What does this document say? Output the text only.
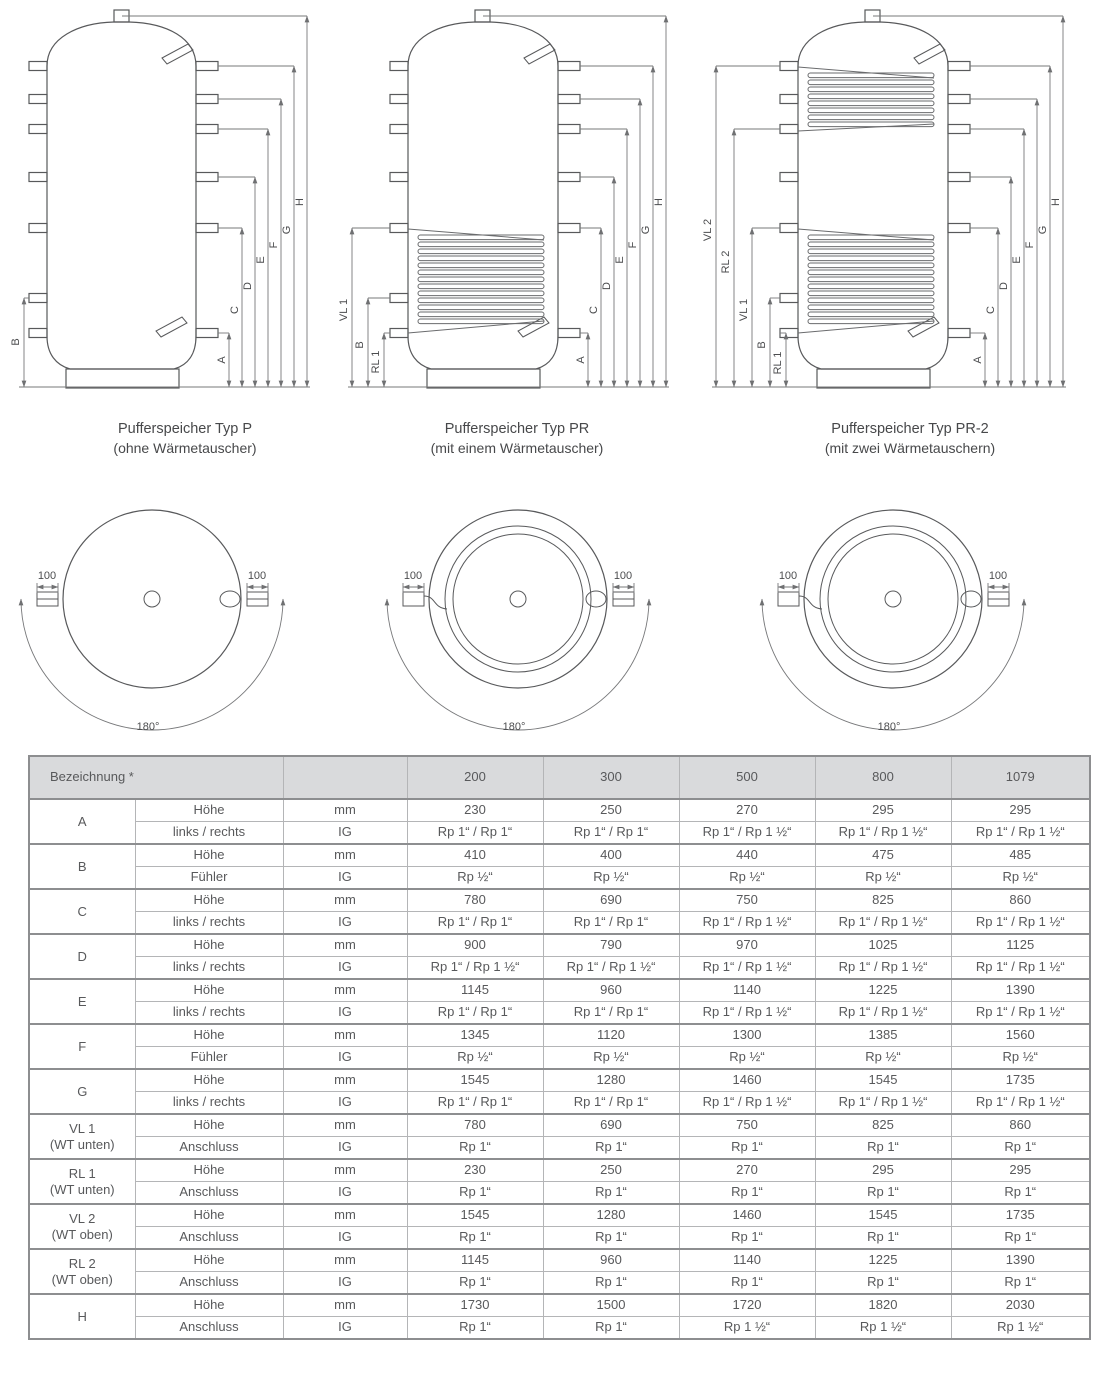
A
C
D
E
F
G
H
B
A
C
D
E
F
G
H
VL 1
B
RL 1	A
C
D
E
F
G
H
VL 2
RL 2
VL 1
B
RL 1
Pufferspeicher Typ P
(ohne Wärmetauscher)
Pufferspeicher Typ PR
(mit einem Wärmetauscher)
Pufferspeicher Typ PR-2
(mit zwei Wärmetauschern)
100	100
180°
100	100
180°
100	100
180°
Bezeichnung *			200	300	500	800	1079

A	Höhe	mm	230	250	270	295	295
	links / rechts	IG	Rp 1“ / Rp 1“	Rp 1“ / Rp 1“	Rp 1“ / Rp 1 ½“	Rp 1“ / Rp 1 ½“	Rp 1“ / Rp 1 ½“

B	Höhe	mm	410	400	440	475	485
	Fühler	IG	Rp ½“	Rp ½“	Rp ½“	Rp ½“	Rp ½“

C	Höhe	mm	780	690	750	825	860
	links / rechts	IG	Rp 1“ / Rp 1“	Rp 1“ / Rp 1“	Rp 1“ / Rp 1 ½“	Rp 1“ / Rp 1 ½“	Rp 1“ / Rp 1 ½“

D	Höhe	mm	900	790	970	1025	1125
	links / rechts	IG	Rp 1“ / Rp 1 ½“	Rp 1“ / Rp 1 ½“	Rp 1“ / Rp 1 ½“	Rp 1“ / Rp 1 ½“	Rp 1“ / Rp 1 ½“

E	Höhe	mm	1145	960	1140	1225	1390
	links / rechts	IG	Rp 1“ / Rp 1“	Rp 1“ / Rp 1“	Rp 1“ / Rp 1 ½“	Rp 1“ / Rp 1 ½“	Rp 1“ / Rp 1 ½“

F	Höhe	mm	1345	1120	1300	1385	1560
	Fühler	IG	Rp ½“	Rp ½“	Rp ½“	Rp ½“	Rp ½“

G	Höhe	mm	1545	1280	1460	1545	1735
	links / rechts	IG	Rp 1“ / Rp 1“	Rp 1“ / Rp 1“	Rp 1“ / Rp 1 ½“	Rp 1“ / Rp 1 ½“	Rp 1“ / Rp 1 ½“

VL 1
(WT unten)	Höhe	mm	780	690	750	825	860
	Anschluss	IG	Rp 1“	Rp 1“	Rp 1“	Rp 1“	Rp 1“

RL 1
(WT unten)	Höhe	mm	230	250	270	295	295
	Anschluss	IG	Rp 1“	Rp 1“	Rp 1“	Rp 1“	Rp 1“

VL 2
(WT oben)	Höhe	mm	1545	1280	1460	1545	1735
	Anschluss	IG	Rp 1“	Rp 1“	Rp 1“	Rp 1“	Rp 1“

RL 2
(WT oben)	Höhe	mm	1145	960	1140	1225	1390
	Anschluss	IG	Rp 1“	Rp 1“	Rp 1“	Rp 1“	Rp 1“

H	Höhe	mm	1730	1500	1720	1820	2030
	Anschluss	IG	Rp 1“	Rp 1“	Rp 1 ½“	Rp 1 ½“	Rp 1 ½“
